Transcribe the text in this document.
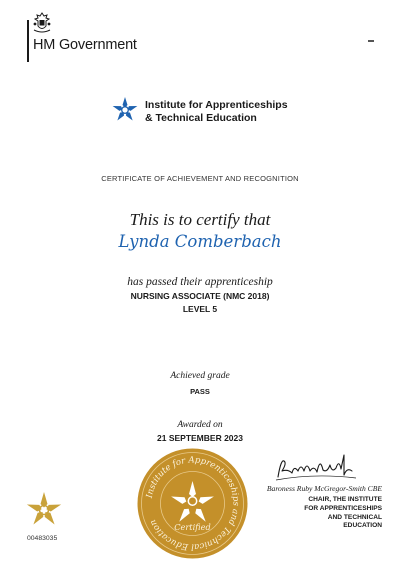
HM Government
Institute for Apprenticeships
& Technical Education
CERTIFICATE OF ACHIEVEMENT AND RECOGNITION
This is to certify that
Lynda Comberbach
has passed their apprenticeship
NURSING ASSOCIATE (NMC 2018)
LEVEL 5
Achieved grade
PASS
Awarded on
21 SEPTEMBER 2023
Institute for Apprenticeships and Technical Education	Certified
Baroness Ruby McGregor-Smith CBE
CHAIR, THE INSTITUTE
FOR APPRENTICESHIPS
AND TECHNICAL
EDUCATION
00483035
